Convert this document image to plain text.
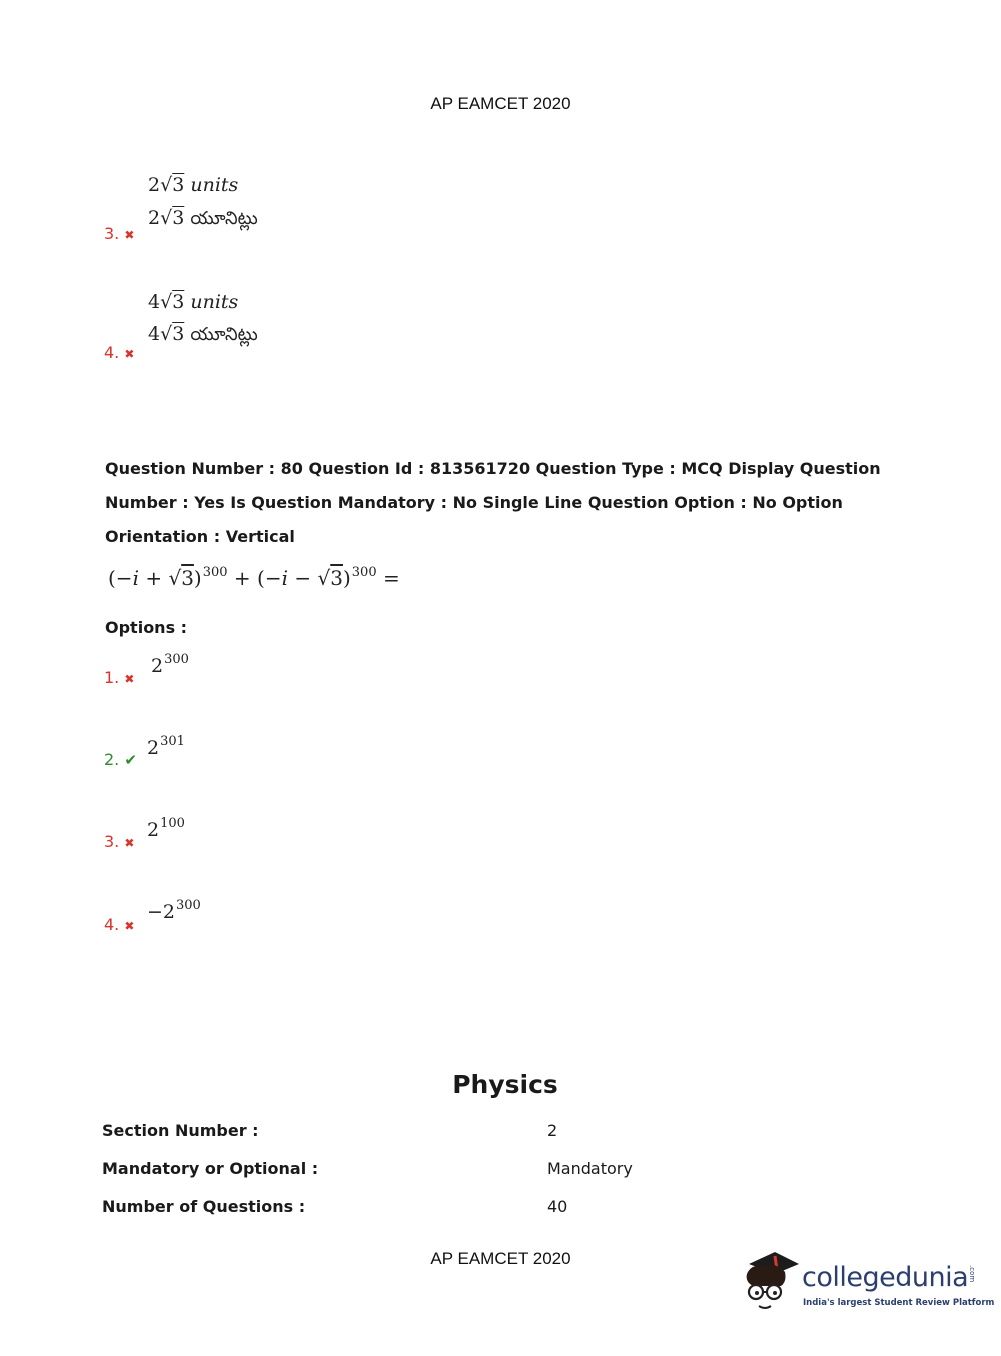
AP EAMCET 2020
2√3 units
2√3 యూనిట్లు
3. ✖
4√3 units
4√3 యూనిట్లు
4. ✖
Question Number : 80 Question Id : 813561720 Question Type : MCQ Display Question
Number : Yes Is Question Mandatory : No Single Line Question Option : No Option
Orientation : Vertical
$(-i + √3)^{300} + (-i - √3)^{300}$ =
Options :
1. ✖
$2^{300}$
2. ✔
$2^{301}$
3. ✖
$2^{100}$
4. ✖
$-2^{300}$
Physics
Section Number :	2
Mandatory or Optional :	Mandatory
Number of Questions :	40
AP EAMCET 2020
collegedunia.com
India's largest Student Review Platform
